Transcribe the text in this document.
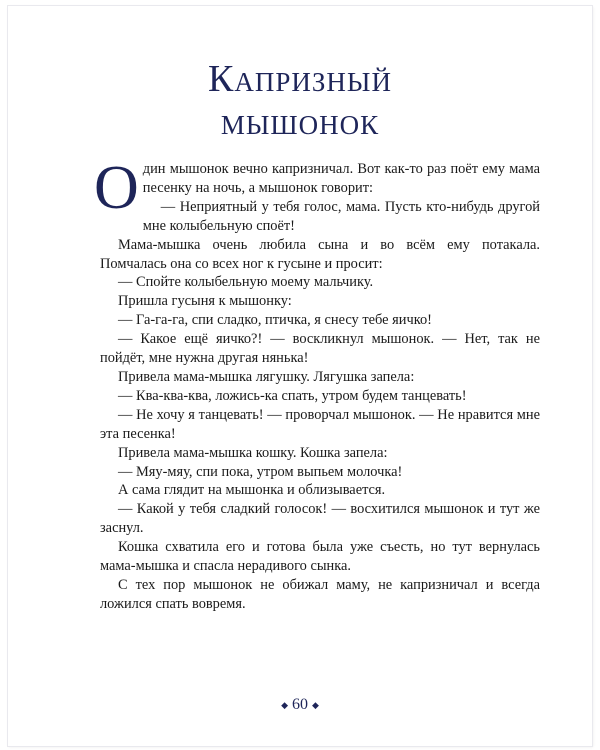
Капризный
мышонок

Один мышонок вечно капризничал. Вот как-то раз поёт ему мама песенку на ночь, а мышонок говорит:

— Неприятный у тебя голос, мама. Пусть кто-нибудь другой мне колыбельную споёт!

Мама-мышка очень любила сына и во всём ему потакала. Помчалась она со всех ног к гусыне и просит:

— Спойте колыбельную моему мальчику.

Пришла гусыня к мышонку:

— Га-га-га, спи сладко, птичка, я снесу тебе яичко!

— Какое ещё яичко?! — воскликнул мышонок. — Нет, так не пойдёт, мне нужна другая нянька!

Привела мама-мышка лягушку. Лягушка запела:

— Ква-ква-ква, ложись-ка спать, утром будем танцевать!

— Не хочу я танцевать! — проворчал мышонок. — Не нравится мне эта песенка!

Привела мама-мышка кошку. Кошка запела:

— Мяу-мяу, спи пока, утром выпьем молочка!

А сама глядит на мышонка и облизывается.

— Какой у тебя сладкий голосок! — восхитился мышонок и тут же заснул.

Кошка схватила его и готова была уже съесть, но тут вернулась мама-мышка и спасла нерадивого сынка.

С тех пор мышонок не обижал маму, не капризничал и всегда ложился спать вовремя.

◆ 60 ◆
